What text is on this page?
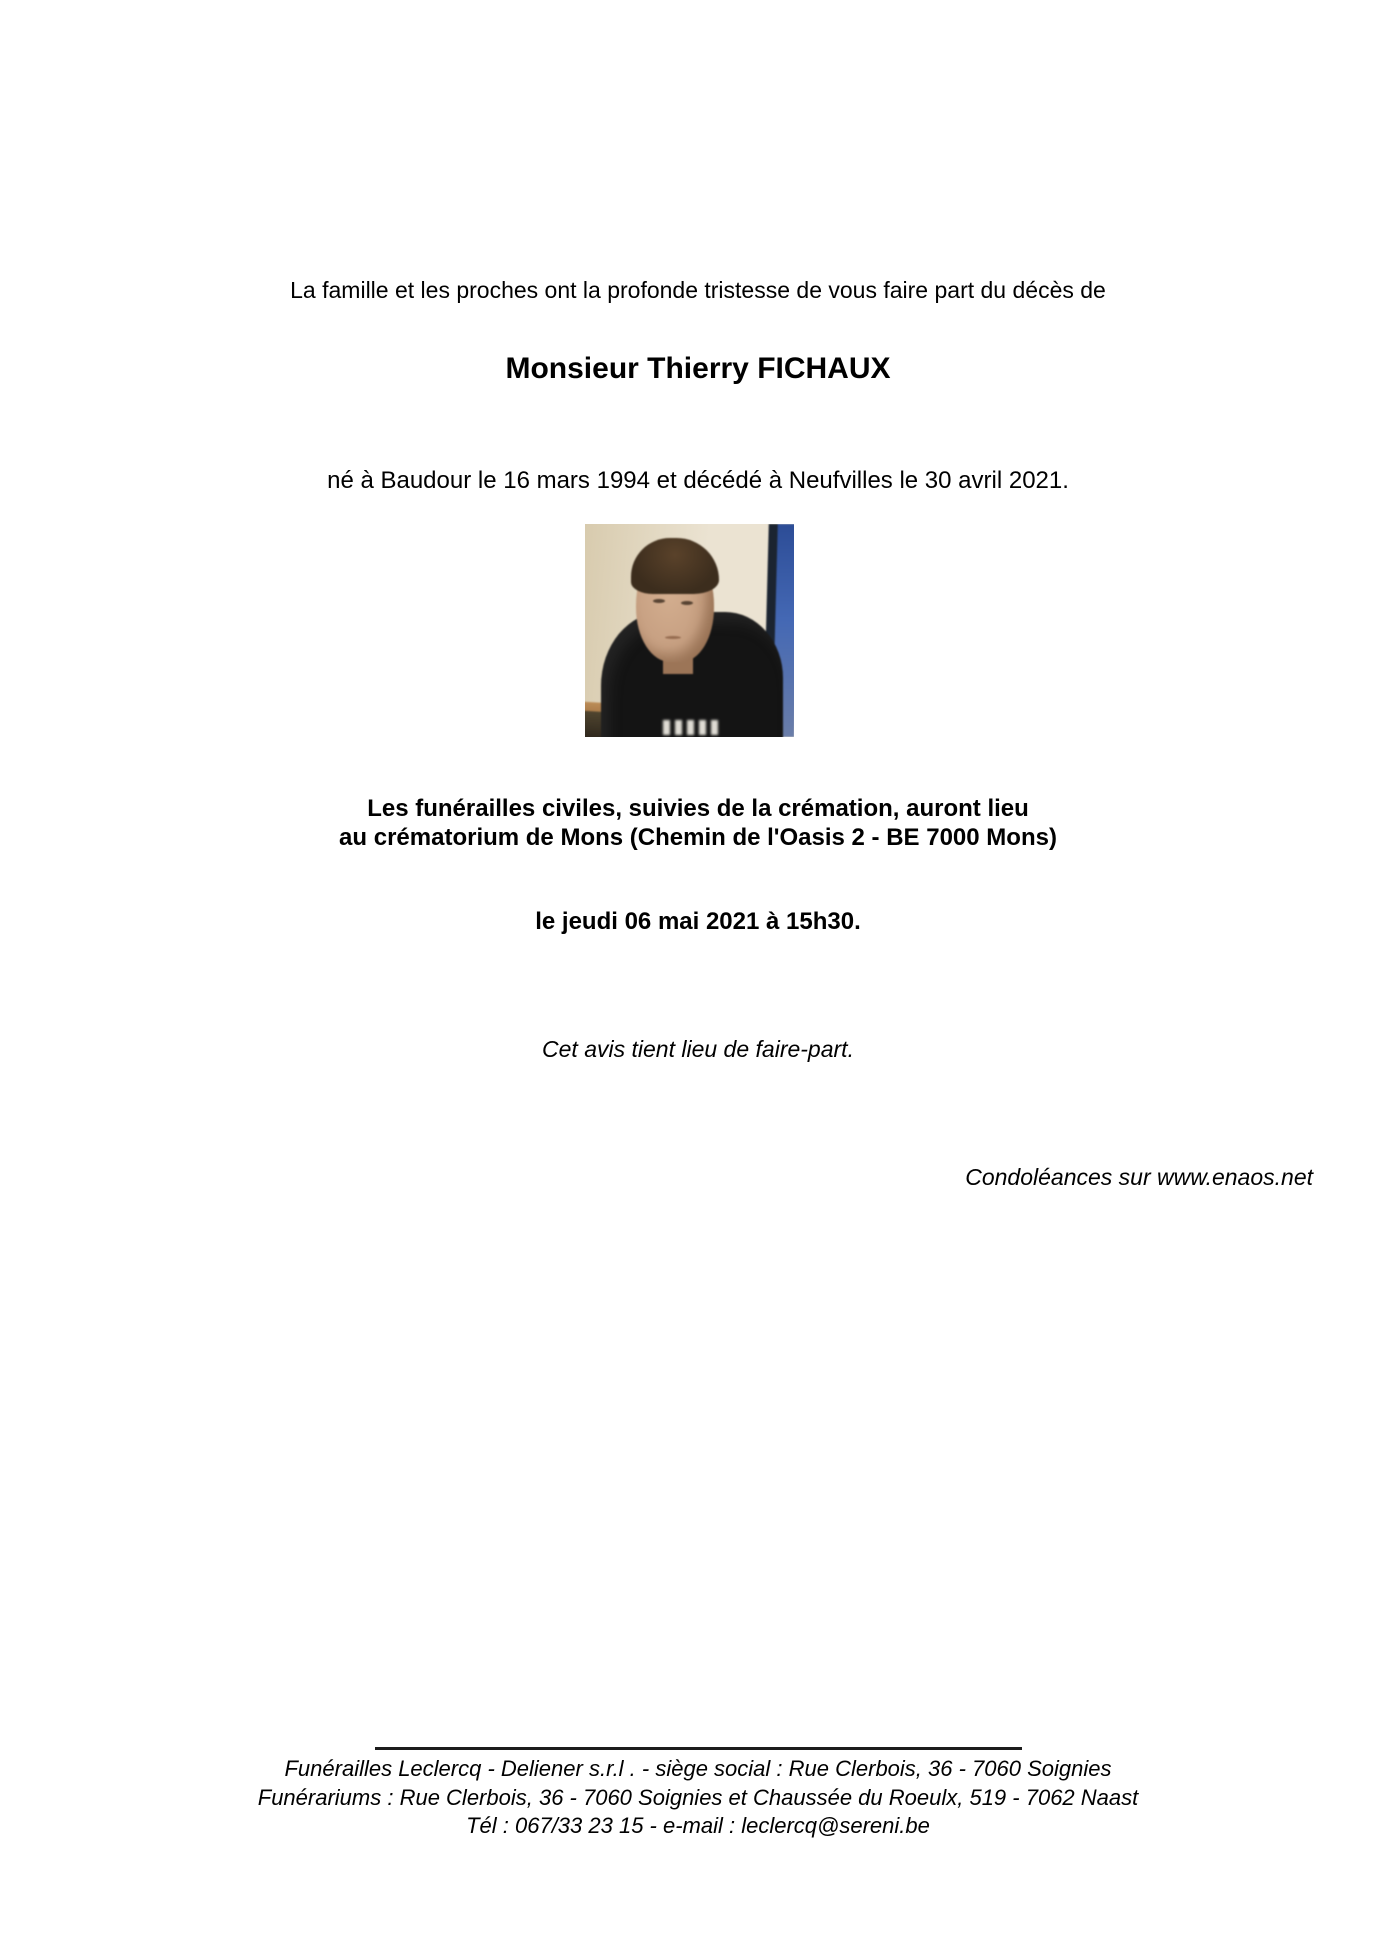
La famille et les proches ont la profonde tristesse de vous faire part du décès de

Monsieur Thierry FICHAUX

né à Baudour le 16 mars 1994 et décédé à Neufvilles le 30 avril 2021.

Les funérailles civiles, suivies de la crémation, auront lieu
au crématorium de Mons (Chemin de l'Oasis 2 - BE 7000 Mons)

le jeudi 06 mai 2021 à 15h30.

Cet avis tient lieu de faire-part.

Condoléances sur www.enaos.net

Funérailles Leclercq - Deliener s.r.l . - siège social : Rue Clerbois, 36 - 7060 Soignies
Funérariums : Rue Clerbois, 36 - 7060 Soignies et Chaussée du Roeulx, 519 - 7062 Naast
Tél : 067/33 23 15 - e-mail : leclercq@sereni.be
